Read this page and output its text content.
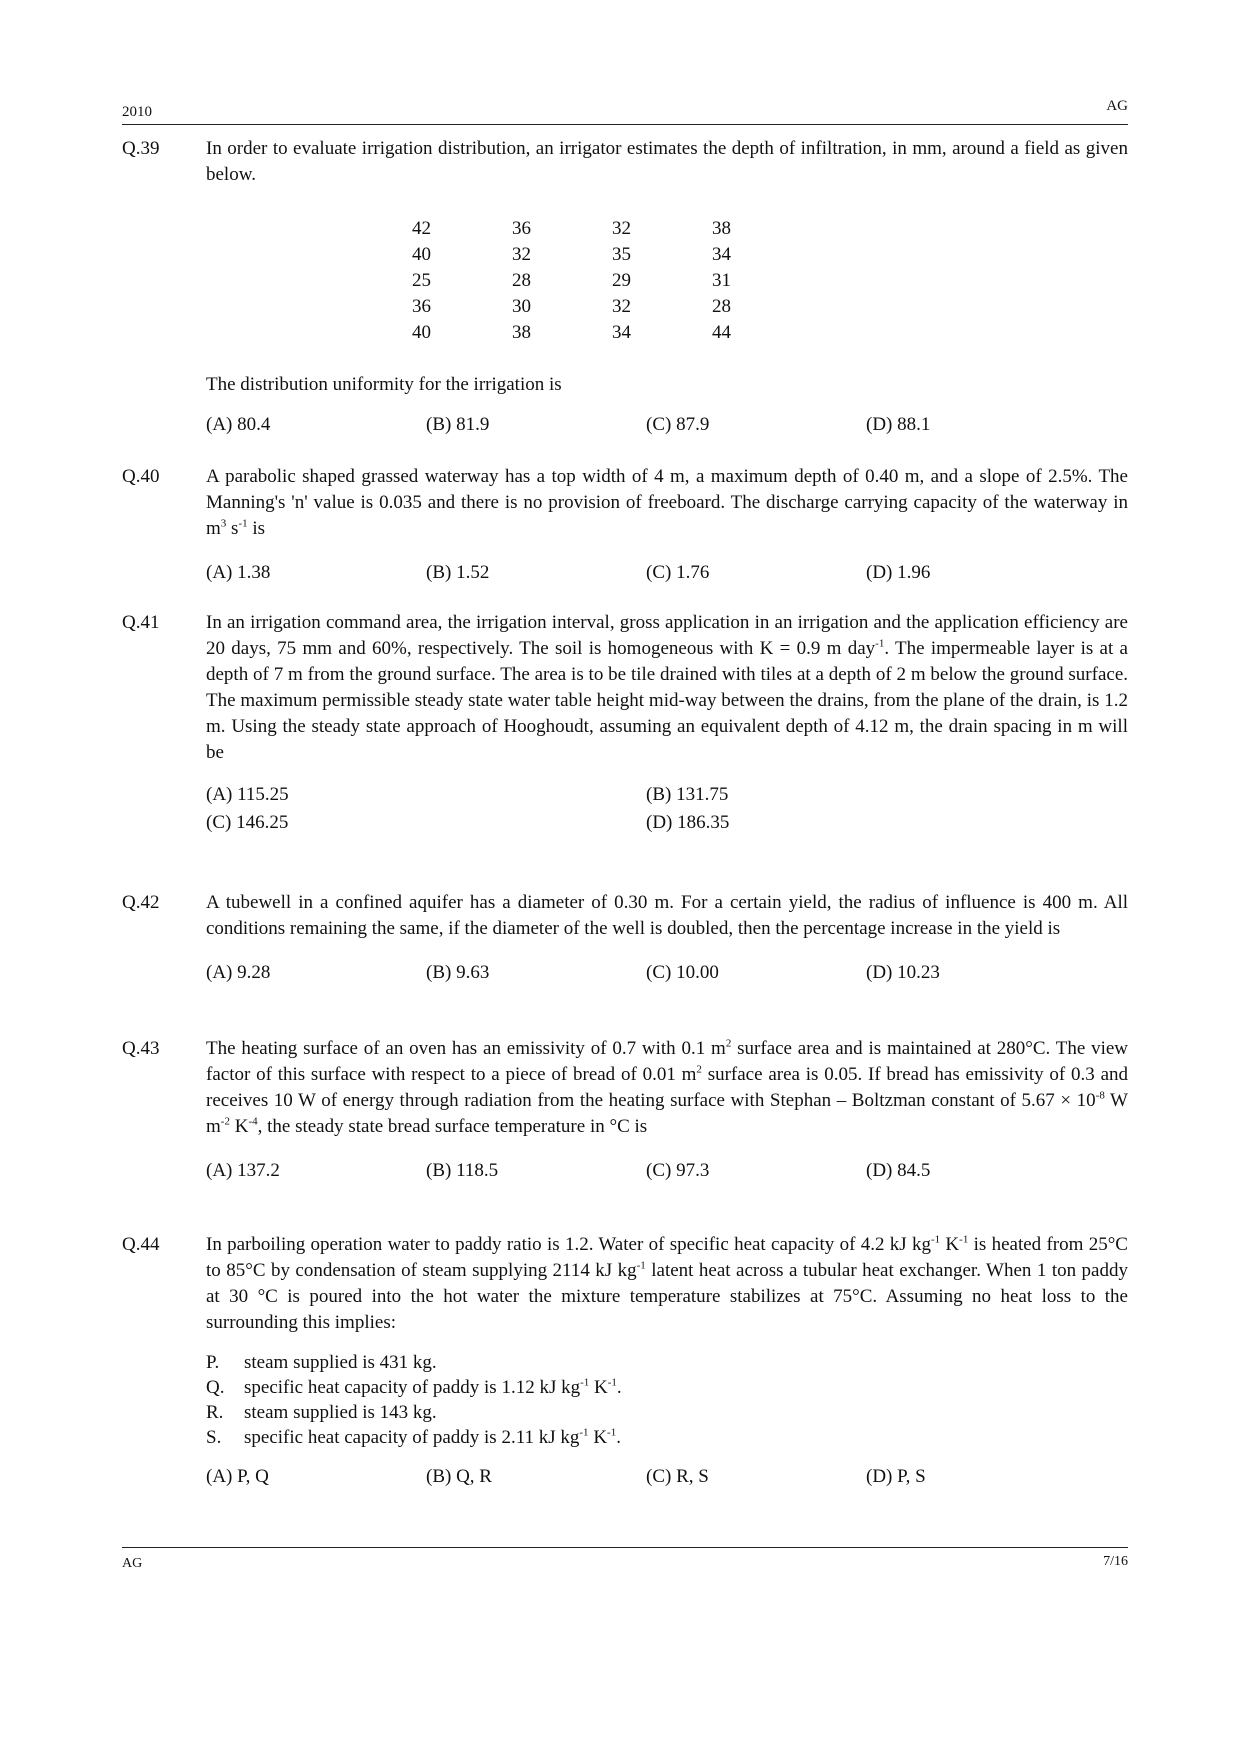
2010	AG
Q.39	In order to evaluate irrigation distribution, an irrigator estimates the depth of infiltration, in mm, around a field as given below.
42	36	32	38
40	32	35	34
25	28	29	31
36	30	32	28
40	38	34	44
The distribution uniformity for the irrigation is
(A) 80.4	(B) 81.9	(C) 87.9	(D) 88.1
Q.40	A parabolic shaped grassed waterway has a top width of 4 m, a maximum depth of 0.40 m, and a slope of 2.5%. The Manning's 'n' value is 0.035 and there is no provision of freeboard. The discharge carrying capacity of the waterway in $m^3$ $s^{-1}$ is
(A) 1.38	(B) 1.52	(C) 1.76	(D) 1.96
Q.41	In an irrigation command area, the irrigation interval, gross application in an irrigation and the application efficiency are 20 days, 75 mm and 60%, respectively. The soil is homogeneous with K = 0.9 m day$^{-1}$. The impermeable layer is at a depth of 7 m from the ground surface. The area is to be tile drained with tiles at a depth of 2 m below the ground surface. The maximum permissible steady state water table height mid-way between the drains, from the plane of the drain, is 1.2 m. Using the steady state approach of Hooghoudt, assuming an equivalent depth of 4.12 m, the drain spacing in m will be
(A) 115.25	(B) 131.75
(C) 146.25	(D) 186.35
Q.42	A tubewell in a confined aquifer has a diameter of 0.30 m. For a certain yield, the radius of influence is 400 m. All conditions remaining the same, if the diameter of the well is doubled, then the percentage increase in the yield is
(A) 9.28	(B) 9.63	(C) 10.00	(D) 10.23
Q.43	The heating surface of an oven has an emissivity of 0.7 with 0.1 $m^2$ surface area and is maintained at 280°C. The view factor of this surface with respect to a piece of bread of 0.01 $m^2$ surface area is 0.05. If bread has emissivity of 0.3 and receives 10 W of energy through radiation from the heating surface with Stephan – Boltzman constant of $5.67 \times 10^{-8}$ W $m^{-2}$ $K^{-4}$, the steady state bread surface temperature in °C is
(A) 137.2	(B) 118.5	(C) 97.3	(D) 84.5
Q.44	In parboiling operation water to paddy ratio is 1.2. Water of specific heat capacity of 4.2 kJ $kg^{-1}$ $K^{-1}$ is heated from 25°C to 85°C by condensation of steam supplying 2114 kJ $kg^{-1}$ latent heat across a tubular heat exchanger. When 1 ton paddy at 30 °C is poured into the hot water the mixture temperature stabilizes at 75°C. Assuming no heat loss to the surrounding this implies:
P.	steam supplied is 431 kg.
Q.	specific heat capacity of paddy is 1.12 kJ $kg^{-1}$ $K^{-1}$.
R.	steam supplied is 143 kg.
S.	specific heat capacity of paddy is 2.11 kJ $kg^{-1}$ $K^{-1}$.
(A) P, Q	(B) Q, R	(C) R, S	(D) P, S
AG	7/16
